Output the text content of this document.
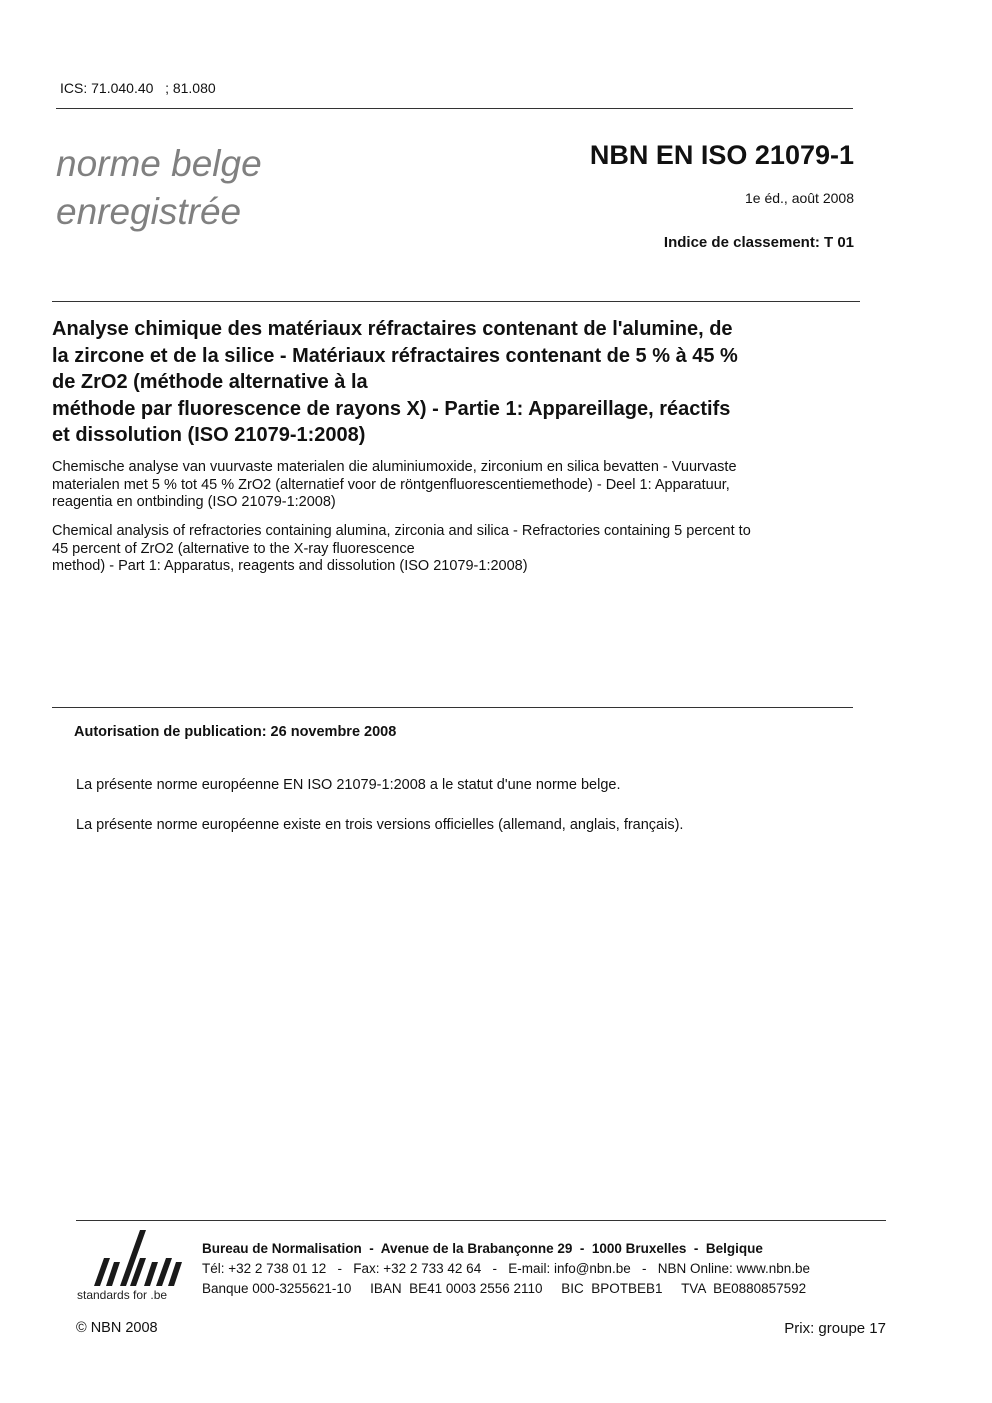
ICS: 71.040.40   ; 81.080
norme belge
enregistrée
NBN EN ISO 21079-1
1e éd., août 2008
Indice de classement: T 01
Analyse chimique des matériaux réfractaires contenant de l'alumine, de
la zircone et de la silice - Matériaux réfractaires contenant de 5 % à 45 %
de ZrO2 (méthode alternative à la
méthode par fluorescence de rayons X) - Partie 1: Appareillage, réactifs
et dissolution (ISO 21079-1:2008)
Chemische analyse van vuurvaste materialen die aluminiumoxide, zirconium en silica bevatten - Vuurvaste
materialen met 5 % tot 45 % ZrO2 (alternatief voor de röntgenfluorescentiemethode) - Deel 1: Apparatuur,
reagentia en ontbinding (ISO 21079-1:2008)
Chemical analysis of refractories containing alumina, zirconia and silica - Refractories containing 5 percent to
45 percent of ZrO2 (alternative to the X-ray fluorescence
method) - Part 1: Apparatus, reagents and dissolution (ISO 21079-1:2008)
Autorisation de publication: 26 novembre 2008
La présente norme européenne EN ISO 21079-1:2008 a le statut d'une norme belge.
La présente norme européenne existe en trois versions officielles (allemand, anglais, français).
standards for .be
Bureau de Normalisation  -  Avenue de la Brabançonne 29  -  1000 Bruxelles  -  Belgique
Tél: +32 2 738 01 12   -   Fax: +32 2 733 42 64   -   E-mail: info@nbn.be   -   NBN Online: www.nbn.be
Banque 000-3255621-10     IBAN  BE41 0003 2556 2110     BIC  BPOTBEB1     TVA  BE0880857592
© NBN 2008	Prix: groupe 17
